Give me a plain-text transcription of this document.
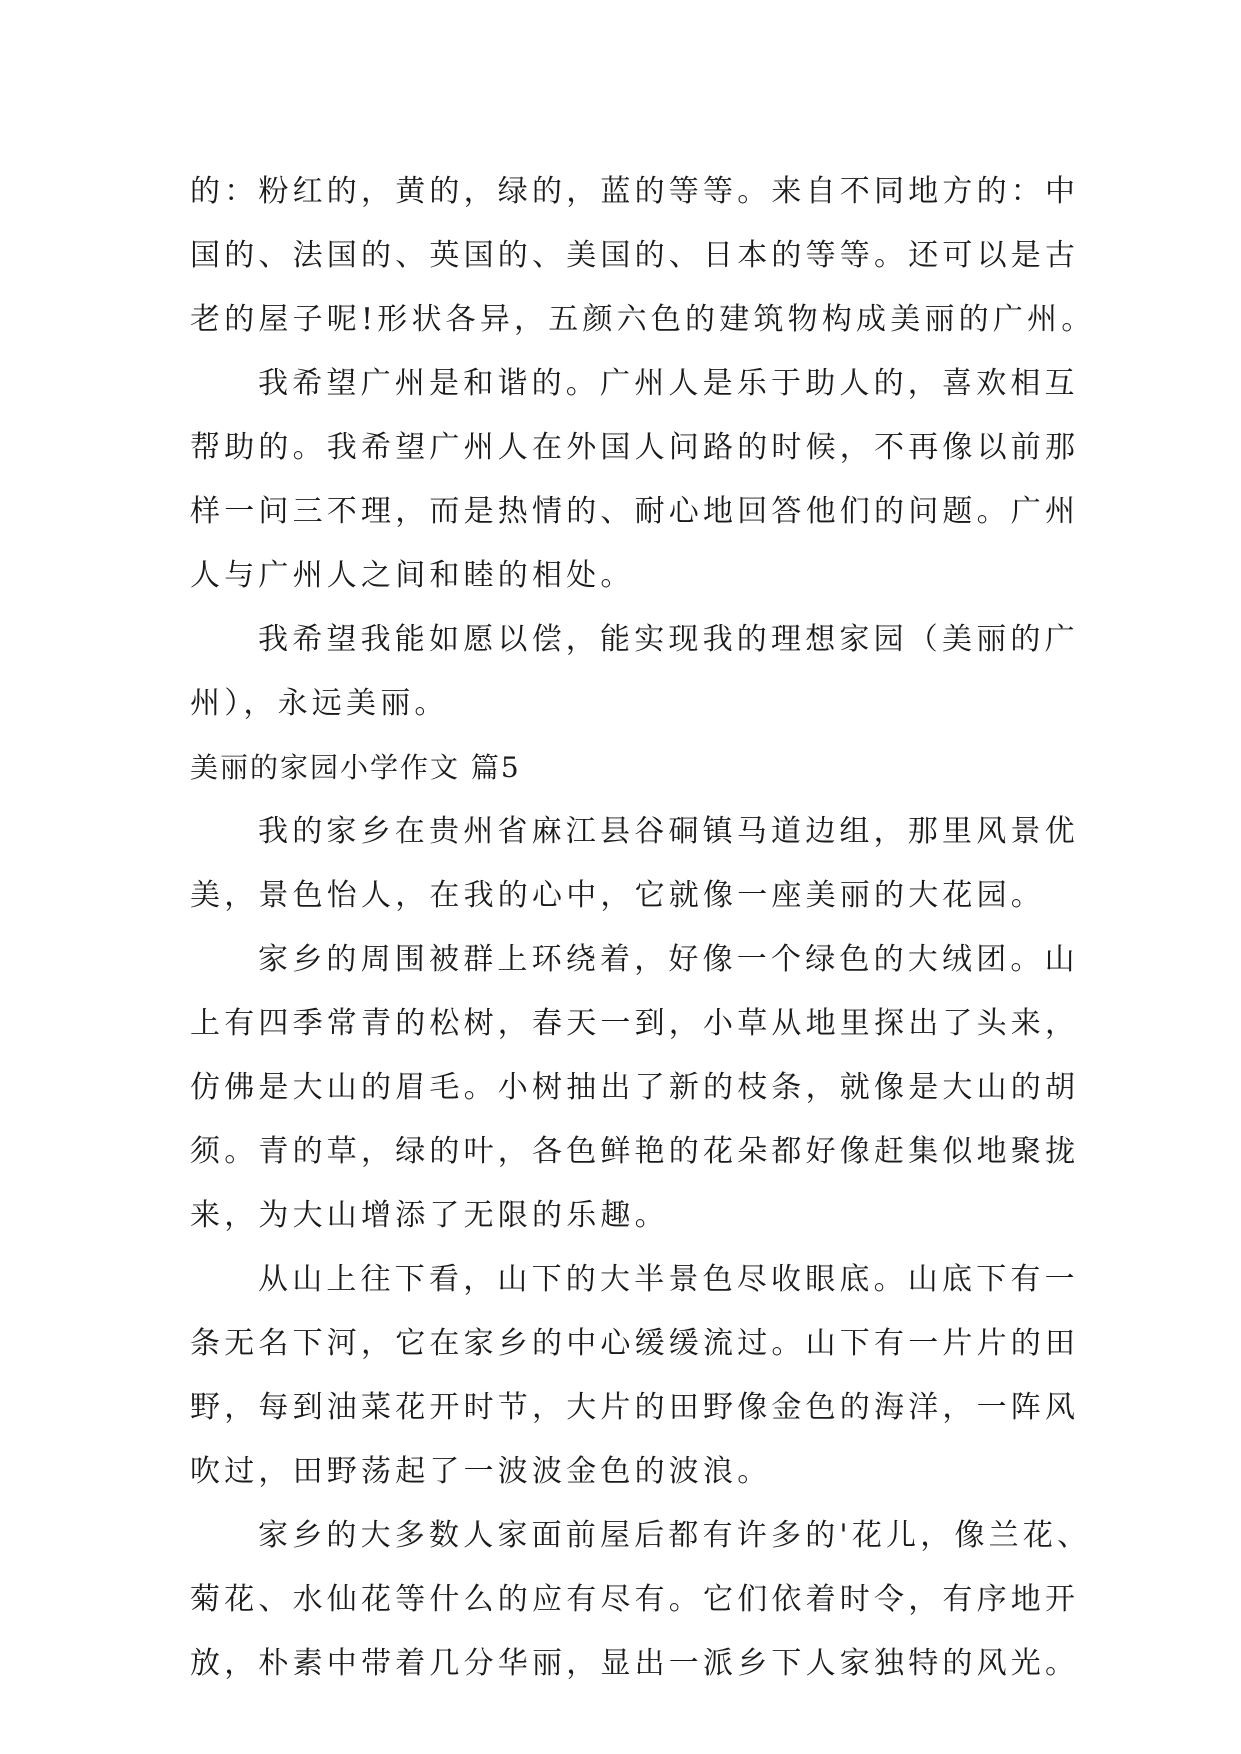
的：粉红的，黄的，绿的，蓝的等等。来自不同地方的：中
国的、法国的、英国的、美国的、日本的等等。还可以是古
老的屋子呢!形状各异，五颜六色的建筑物构成美丽的广州。
我希望广州是和谐的。广州人是乐于助人的，喜欢相互
帮助的。我希望广州人在外国人问路的时候，不再像以前那
样一问三不理，而是热情的、耐心地回答他们的问题。广州
人与广州人之间和睦的相处。
我希望我能如愿以偿，能实现我的理想家园（美丽的广
州），永远美丽。
美丽的家园小学作文 篇5
我的家乡在贵州省麻江县谷硐镇马道边组，那里风景优
美，景色怡人，在我的心中，它就像一座美丽的大花园。
家乡的周围被群上环绕着，好像一个绿色的大绒团。山
上有四季常青的松树，春天一到，小草从地里探出了头来，
仿佛是大山的眉毛。小树抽出了新的枝条，就像是大山的胡
须。青的草，绿的叶，各色鲜艳的花朵都好像赶集似地聚拢
来，为大山增添了无限的乐趣。
从山上往下看，山下的大半景色尽收眼底。山底下有一
条无名下河，它在家乡的中心缓缓流过。山下有一片片的田
野，每到油菜花开时节，大片的田野像金色的海洋，一阵风
吹过，田野荡起了一波波金色的波浪。
家乡的大多数人家面前屋后都有许多的'花儿，像兰花、
菊花、水仙花等什么的应有尽有。它们依着时令，有序地开
放，朴素中带着几分华丽，显出一派乡下人家独特的风光。
